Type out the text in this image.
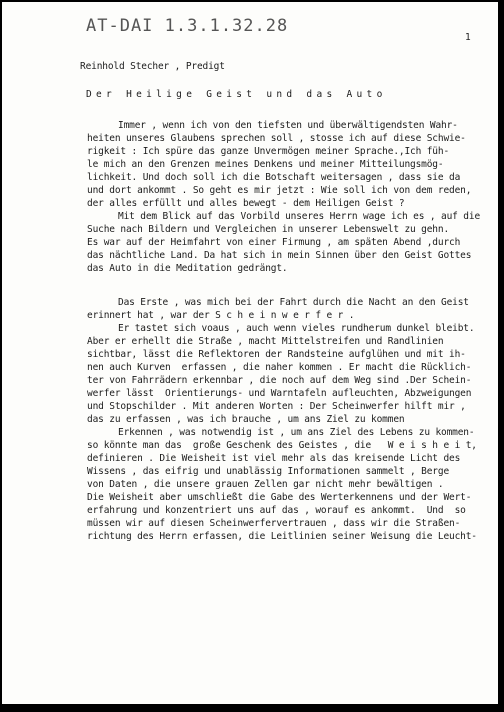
AT-DAI 1.3.1.32.28
1
Reinhold Stecher , Predigt
Der Heilige Geist und das Auto
Immer , wenn ich von den tiefsten und überwältigendsten Wahr-
heiten unseres Glaubens sprechen soll , stosse ich auf diese Schwie-
rigkeit : Ich spüre das ganze Unvermögen meiner Sprache.,Ich füh-
le mich an den Grenzen meines Denkens und meiner Mitteilungsmög-
lichkeit. Und doch soll ich die Botschaft weitersagen , dass sie da
und dort ankommt . So geht es mir jetzt : Wie soll ich von dem reden,
der alles erfüllt und alles bewegt - dem Heiligen Geist ?
Mit dem Blick auf das Vorbild unseres Herrn wage ich es , auf die
Suche nach Bildern und Vergleichen in unserer Lebenswelt zu gehn.
Es war auf der Heimfahrt von einer Firmung , am späten Abend ,durch
das nächtliche Land. Da hat sich in mein Sinnen über den Geist Gottes
das Auto in die Meditation gedrängt.
Das Erste , was mich bei der Fahrt durch die Nacht an den Geist
erinnert hat , war der S c h e i n w e r f e r .
Er tastet sich voaus , auch wenn vieles rundherum dunkel bleibt.
Aber er erhellt die Straße , macht Mittelstreifen und Randlinien
sichtbar, lässt die Reflektoren der Randsteine aufglühen und mit ih-
nen auch Kurven  erfassen , die naher kommen . Er macht die Rücklich-
ter von Fahrrädern erkennbar , die noch auf dem Weg sind .Der Schein-
werfer lässt  Orientierungs- und Warntafeln aufleuchten, Abzweigungen
und Stopschilder . Mit anderen Worten : Der Scheinwerfer hilft mir ,
das zu erfassen , was ich brauche , um ans Ziel zu kommen
Erkennen , was notwendig ist , um ans Ziel des Lebens zu kommen-
so könnte man das  große Geschenk des Geistes , die   W e i s h e i t,
definieren . Die Weisheit ist viel mehr als das kreisende Licht des
Wissens , das eifrig und unablässig Informationen sammelt , Berge
von Daten , die unsere grauen Zellen gar nicht mehr bewältigen .
Die Weisheit aber umschließt die Gabe des Werterkennens und der Wert-
erfahrung und konzentriert uns auf das , worauf es ankommt.  Und  so
müssen wir auf diesen Scheinwerfervertrauen , dass wir die Straßen-
richtung des Herrn erfassen, die Leitlinien seiner Weisung die Leucht-
